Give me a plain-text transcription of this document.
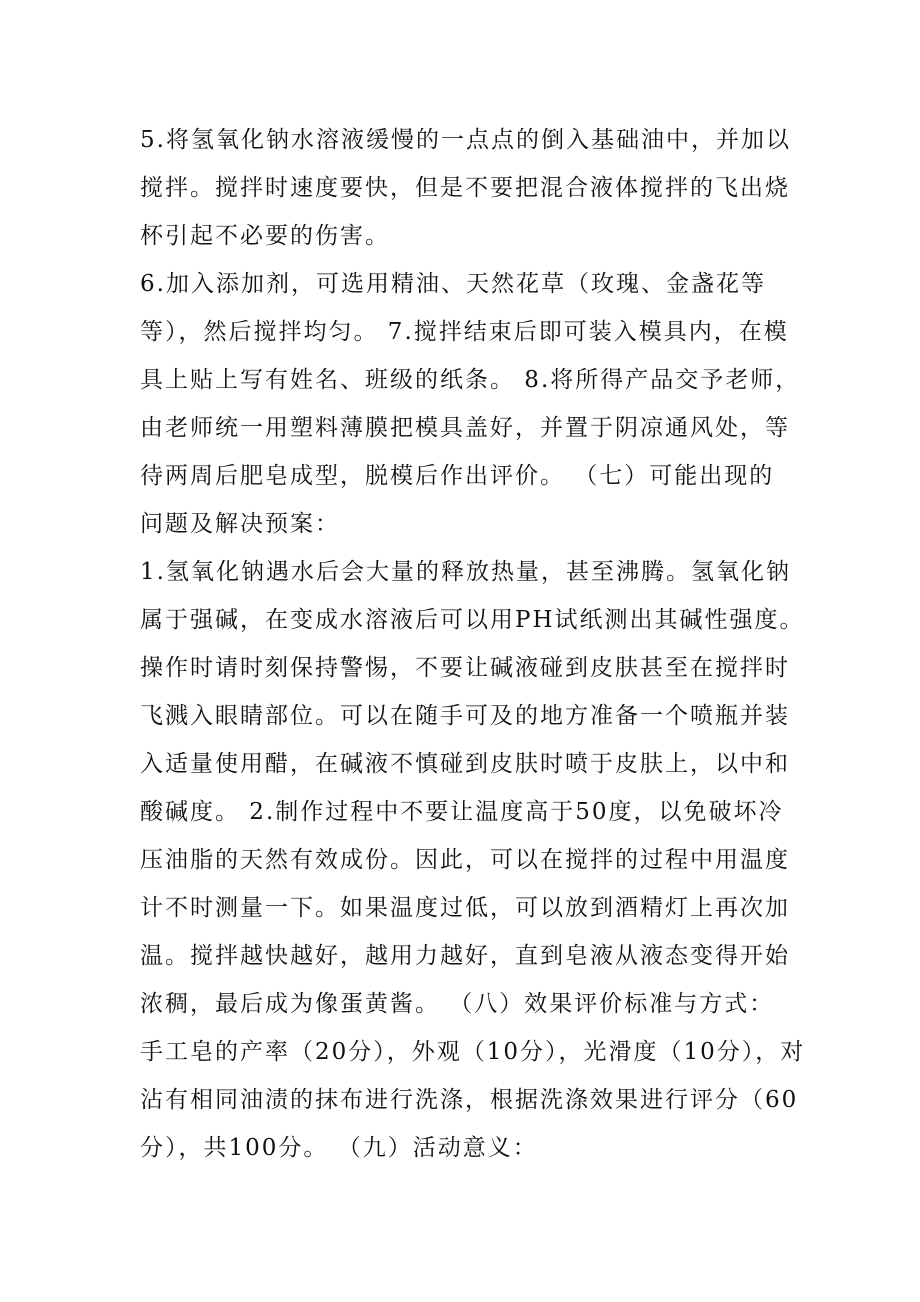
5.将氢氧化钠水溶液缓慢的一点点的倒入基础油中，并加以
搅拌。搅拌时速度要快，但是不要把混合液体搅拌的飞出烧
杯引起不必要的伤害。
6.加入添加剂，可选用精油、天然花草（玫瑰、金盏花等
等），然后搅拌均匀。 7.搅拌结束后即可装入模具内，在模
具上贴上写有姓名、班级的纸条。 8.将所得产品交予老师，
由老师统一用塑料薄膜把模具盖好，并置于阴凉通风处，等
待两周后肥皂成型，脱模后作出评价。 （七）可能出现的
问题及解决预案：
1.氢氧化钠遇水后会大量的释放热量，甚至沸腾。氢氧化钠
属于强碱，在变成水溶液后可以用PH试纸测出其碱性强度。
操作时请时刻保持警惕，不要让碱液碰到皮肤甚至在搅拌时
飞溅入眼睛部位。可以在随手可及的地方准备一个喷瓶并装
入适量使用醋，在碱液不慎碰到皮肤时喷于皮肤上，以中和
酸碱度。 2.制作过程中不要让温度高于50度，以免破坏冷
压油脂的天然有效成份。因此，可以在搅拌的过程中用温度
计不时测量一下。如果温度过低，可以放到酒精灯上再次加
温。搅拌越快越好，越用力越好，直到皂液从液态变得开始
浓稠，最后成为像蛋黄酱。 （八）效果评价标准与方式：
手工皂的产率（20分），外观（10分），光滑度（10分），对
沾有相同油渍的抹布进行洗涤，根据洗涤效果进行评分（60
分），共100分。 （九）活动意义：
